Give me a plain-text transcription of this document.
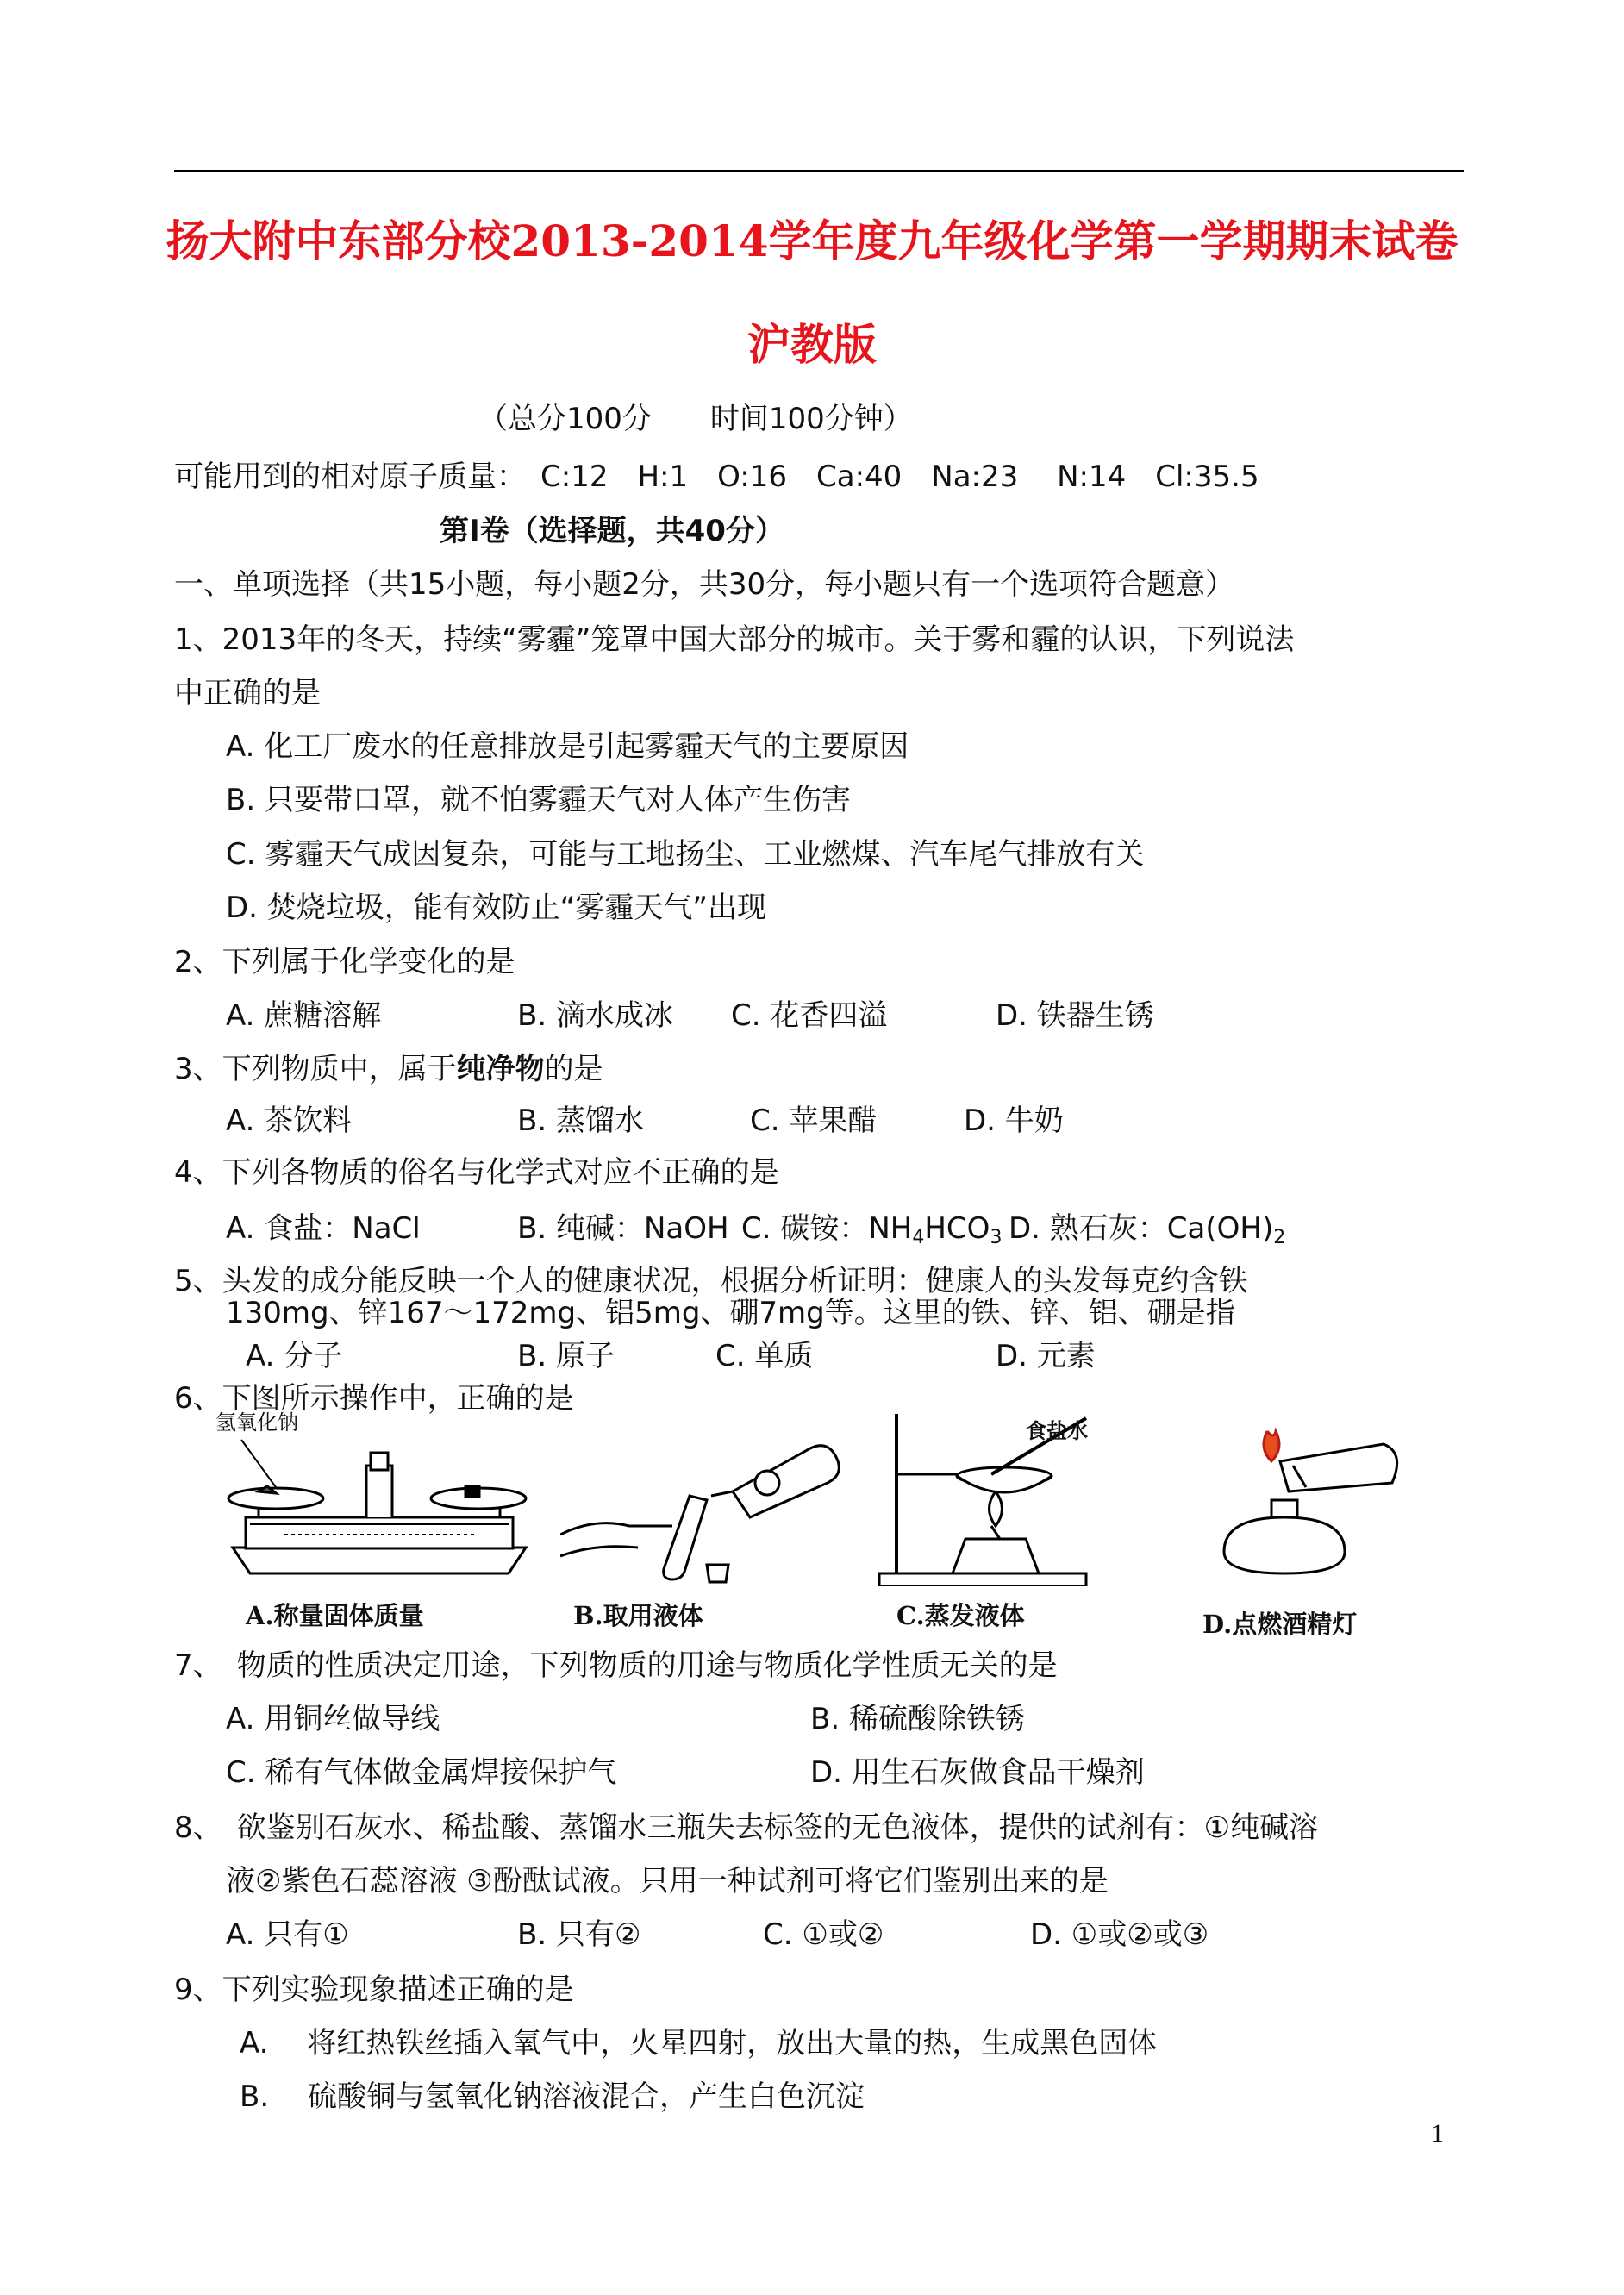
扬大附中东部分校2013-2014学年度九年级化学第一学期期末试卷
沪教版
（总分100分　　时间100分钟）
可能用到的相对原子质量：　C:12　H:1　O:16　Ca:40　Na:23　 N:14　Cl:35.5
第Ⅰ卷（选择题，共40分）
一、单项选择（共15小题，每小题2分，共30分，每小题只有一个选项符合题意）
1、2013年的冬天，持续“雾霾”笼罩中国大部分的城市。关于雾和霾的认识，下列说法
中正确的是
A. 化工厂废水的任意排放是引起雾霾天气的主要原因
B. 只要带口罩，就不怕雾霾天气对人体产生伤害
C. 雾霾天气成因复杂，可能与工地扬尘、工业燃煤、汽车尾气排放有关
D. 焚烧垃圾，能有效防止“雾霾天气”出现
2、下列属于化学变化的是
A. 蔗糖溶解	B. 滴水成冰 C. 花香四溢	D. 铁器生锈
3、下列物质中，属于纯净物的是
A. 茶饮料	B. 蒸馏水	C. 苹果醋	D. 牛奶
4、下列各物质的俗名与化学式对应不正确的是
A. 食盐：NaCl	B. 纯碱：NaOH C. 碳铵：$NH_4HCO_3$ D. 熟石灰：$Ca(OH)_2$
5、头发的成分能反映一个人的健康状况，根据分析证明：健康人的头发每克约含铁
130mg、锌167～172mg、铝5mg、硼7mg等。这里的铁、锌、铝、硼是指
A. 分子	B. 原子	C. 单质	D. 元素
6、下图所示操作中，正确的是
氢氧化钠	食盐水
A.称量固体质量	B.取用液体	C.蒸发液体	D.点燃酒精灯
7、　物质的性质决定用途，下列物质的用途与物质化学性质无关的是
A. 用铜丝做导线	B. 稀硫酸除铁锈
C. 稀有气体做金属焊接保护气	D. 用生石灰做食品干燥剂
8、　欲鉴别石灰水、稀盐酸、蒸馏水三瓶失去标签的无色液体，提供的试剂有：①纯碱溶
液②紫色石蕊溶液 ③酚酞试液。只用一种试剂可将它们鉴别出来的是
A. 只有①	B. 只有②	C. ①或②	D. ①或②或③
9、下列实验现象描述正确的是
A.　 将红热铁丝插入氧气中，火星四射，放出大量的热，生成黑色固体
B.　 硫酸铜与氢氧化钠溶液混合，产生白色沉淀
1
